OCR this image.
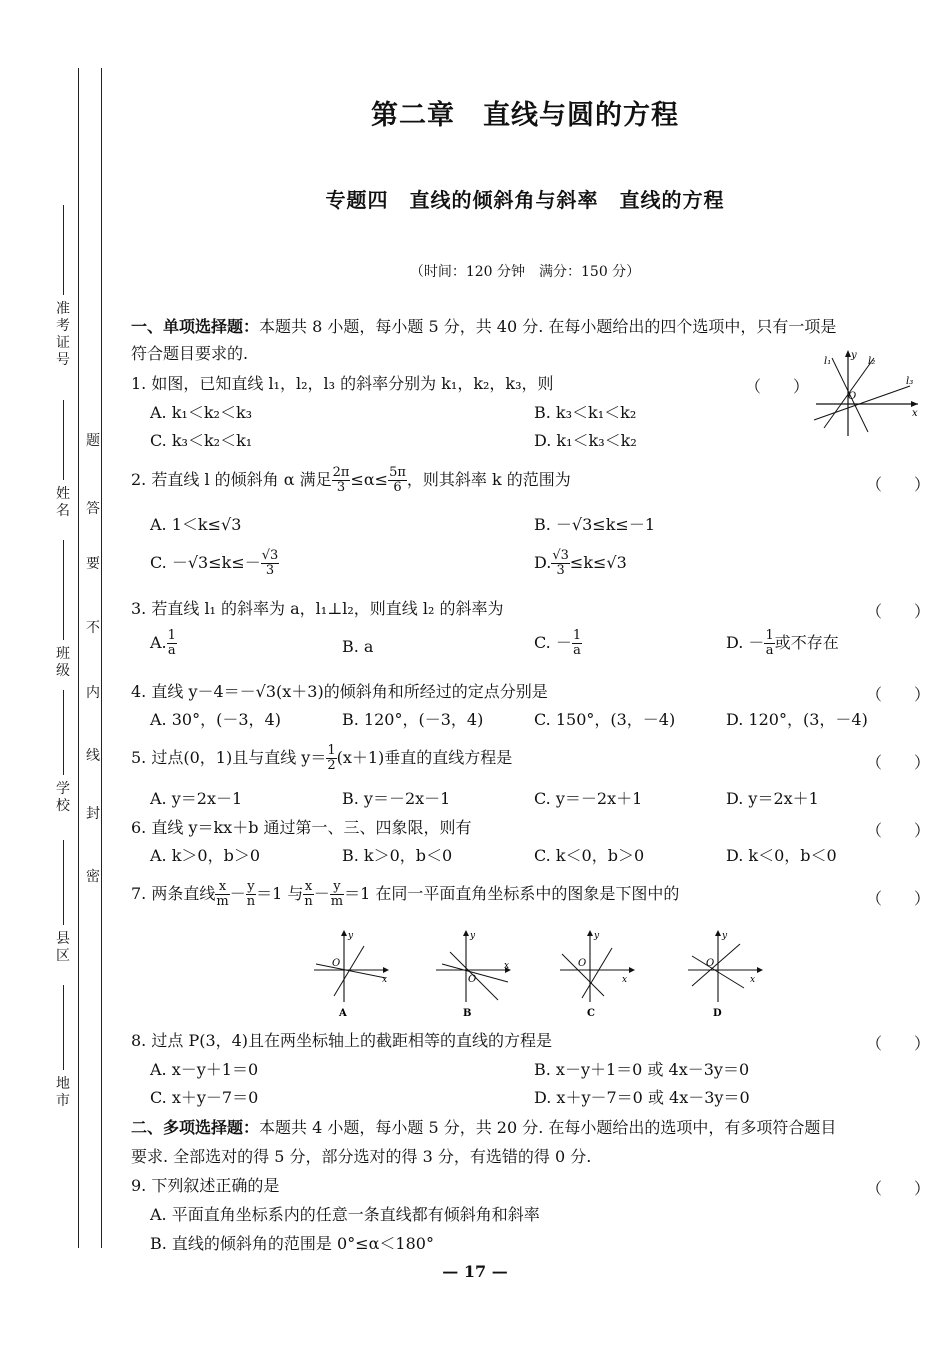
准考证号
姓名
班级
学校
县区
地市
题
答
要
不
内
线
封
密
第二章　直线与圆的方程
专题四　直线的倾斜角与斜率　直线的方程
（时间：120 分钟　满分：150 分）
一、单项选择题：本题共 8 小题，每小题 5 分，共 40 分. 在每小题给出的四个选项中，只有一项是
符合题目要求的.
1. 如图，已知直线 l₁，l₂，l₃ 的斜率分别为 k₁，k₂，k₃，则	（　　）
A. k₁＜k₂＜k₃	B. k₃＜k₁＜k₂
C. k₃＜k₂＜k₁	D. k₁＜k₃＜k₂
l₁
y
l₂
l₃
O
x
2. 若直线 l 的倾斜角 α 满足 $\frac{2\pi}{3} \le\alpha\le \frac{5\pi}{6}$ ，则其斜率 k 的范围为	（　　）
A. 1＜k≤√3	B. －√3≤k≤－1
C. $-√3\le k\le- \frac{√3}{3}$	D. $\frac{√3}{3} \le k\le√3$
3. 若直线 l₁ 的斜率为 a，l₁⊥l₂，则直线 l₂ 的斜率为	（　　）
A. $\frac{1}{a}$	B. a	C. － $\frac{1}{a}$	D. － $\frac{1}{a}$ 或不存在
4. 直线 y－4＝－√3(x＋3)的倾斜角和所经过的定点分别是	（　　）
A. 30°，(－3，4)	B. 120°，(－3，4)	C. 150°，(3，－4)	D. 120°，(3，－4)
5. 过点(0，1)且与直线 $y= \frac{1}{2} (x+1)$垂直的直线方程是	（　　）
A. y＝2x－1	B. y＝－2x－1	C. y＝－2x＋1	D. y＝2x＋1
6. 直线 y＝kx＋b 通过第一、三、四象限，则有	（　　）
A. k＞0，b＞0	B. k＞0，b＜0	C. k＜0，b＞0	D. k＜0，b＜0
7. 两条直线 $\frac{x}{m} - \frac{y}{n} =1$ 与 $\frac{x}{n} - \frac{y}{m} =1$ 在同一平面直角坐标系中的图象是下图中的	（　　）
y
O
x
A
y
O
x
B
y
O
x
C
y
O
x
D
8. 过点 P(3，4)且在两坐标轴上的截距相等的直线的方程是	（　　）
A. x－y＋1＝0	B. x－y＋1＝0 或 4x－3y＝0
C. x＋y－7＝0	D. x＋y－7＝0 或 4x－3y＝0
二、多项选择题：本题共 4 小题，每小题 5 分，共 20 分. 在每小题给出的选项中，有多项符合题目
要求. 全部选对的得 5 分，部分选对的得 3 分，有选错的得 0 分.
9. 下列叙述正确的是	（　　）
A. 平面直角坐标系内的任意一条直线都有倾斜角和斜率
B. 直线的倾斜角的范围是 0°≤α＜180°
— 17 —
